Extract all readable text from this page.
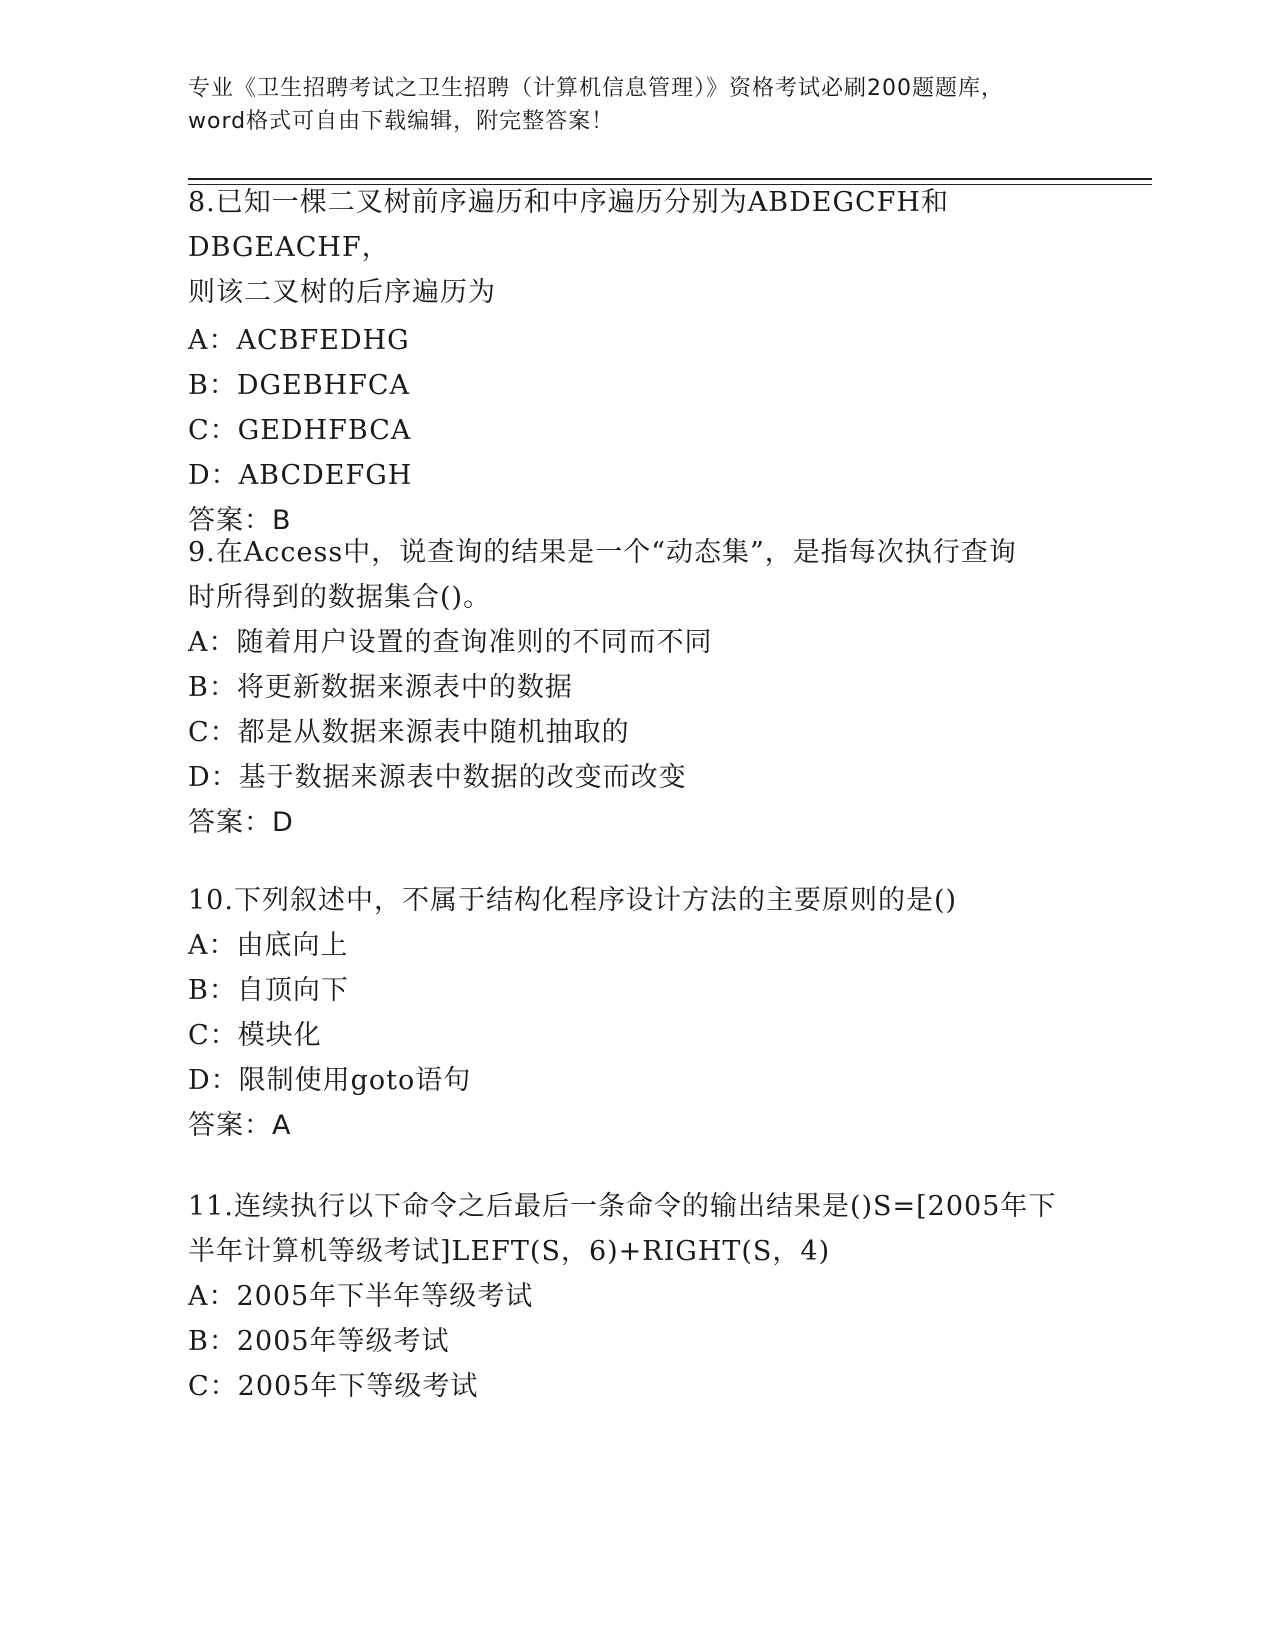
专业《卫生招聘考试之卫生招聘（计算机信息管理）》资格考试必刷200题题库，
word格式可自由下载编辑，附完整答案！

8.已知一棵二叉树前序遍历和中序遍历分别为ABDEGCFH和DBGEACHF，

则该二叉树的后序遍历为

A：ACBFEDHG

B：DGEBHFCA

C：GEDHFBCA

D：ABCDEFGH

答案：B

9.在Access中，说查询的结果是一个“动态集”，是指每次执行查询

时所得到的数据集合()。

A：随着用户设置的查询准则的不同而不同

B：将更新数据来源表中的数据

C：都是从数据来源表中随机抽取的

D：基于数据来源表中数据的改变而改变

答案：D

10.下列叙述中，不属于结构化程序设计方法的主要原则的是()

A：由底向上

B：自顶向下

C：模块化

D：限制使用goto语句

答案：A

11.连续执行以下命令之后最后一条命令的输出结果是()S=[2005年下

半年计算机等级考试]LEFT(S，6)+RIGHT(S，4)

A：2005年下半年等级考试

B：2005年等级考试

C：2005年下等级考试
